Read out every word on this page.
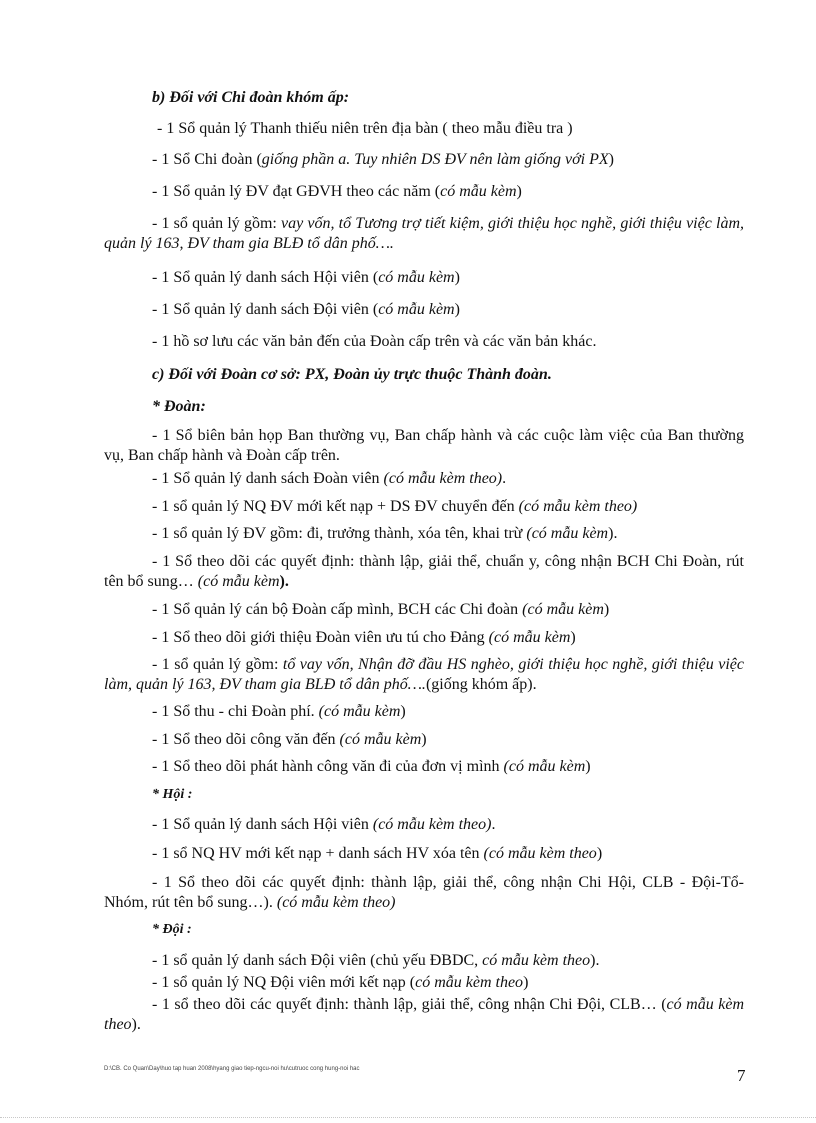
b) Đối với Chi đoàn khóm ấp:
- 1 Sổ quản lý Thanh thiếu niên trên địa bàn ( theo mẫu điều tra )
- 1 Sổ Chi đoàn (giống phần a. Tuy nhiên DS ĐV nên làm giống với PX)
- 1 Sổ quản lý ĐV đạt GĐVH theo các năm (có mẫu kèm)
- 1 sổ quản lý gồm: vay vốn, tổ Tương trợ tiết kiệm, giới thiệu học nghề, giới thiệu việc làm, quản lý 163, ĐV tham gia BLĐ tổ dân phố….
- 1 Sổ quản lý danh sách Hội viên (có mẫu kèm)
- 1 Sổ quản lý danh sách Đội viên (có mẫu kèm)
- 1 hồ sơ lưu các văn bản đến của Đoàn cấp trên và các văn bản khác.
c) Đối với Đoàn cơ sở: PX, Đoàn ủy trực thuộc Thành đoàn.
* Đoàn:
- 1 Sổ biên bản họp Ban thường vụ, Ban chấp hành và các cuộc làm việc của Ban thường vụ, Ban chấp hành và Đoàn cấp trên.
- 1 Sổ quản lý danh sách Đoàn viên (có mẫu kèm theo).
- 1 sổ quản lý NQ ĐV mới kết nạp + DS ĐV chuyển đến (có mẫu kèm theo)
- 1 sổ quản lý ĐV gồm: đi, trưởng thành, xóa tên, khai trừ (có mẫu kèm).
- 1 Sổ theo dõi các quyết định: thành lập, giải thể, chuẩn y, công nhận BCH Chi Đoàn, rút tên bổ sung… (có mẫu kèm).
- 1 Sổ quản lý cán bộ Đoàn cấp mình, BCH các Chi đoàn (có mẫu kèm)
- 1 Sổ theo dõi giới thiệu Đoàn viên ưu tú cho Đảng (có mẫu kèm)
- 1 sổ quản lý gồm: tổ vay vốn, Nhận đỡ đầu HS nghèo, giới thiệu học nghề, giới thiệu việc làm, quản lý 163, ĐV tham gia BLĐ tổ dân phố….(giống khóm ấp).
- 1 Sổ thu - chi Đoàn phí. (có mẫu kèm)
- 1 Sổ theo dõi công văn đến (có mẫu kèm)
- 1 Sổ theo dõi phát hành công văn đi của đơn vị mình (có mẫu kèm)
* Hội :
- 1 Sổ quản lý danh sách Hội viên (có mẫu kèm theo).
- 1 sổ NQ HV mới kết nạp + danh sách HV xóa tên (có mẫu kèm theo)
- 1 Sổ theo dõi các quyết định: thành lập, giải thể, công nhận Chi Hội, CLB - Đội-Tổ-Nhóm, rút tên bổ sung…). (có mẫu kèm theo)
* Đội :
- 1 sổ quản lý danh sách Đội viên (chủ yếu ĐBDC, có mẫu kèm theo).
- 1 sổ quản lý NQ Đội viên mới kết nạp (có mẫu kèm theo)
- 1 sổ theo dõi các quyết định: thành lập, giải thể, công nhận Chi Đội, CLB… (có mẫu kèm theo).
D:\CB. Co Quan\Day\huo tap huan 2008\hyang giao tiep-ngcu-noi hu\cutruoc cong hung-noi hac	7
